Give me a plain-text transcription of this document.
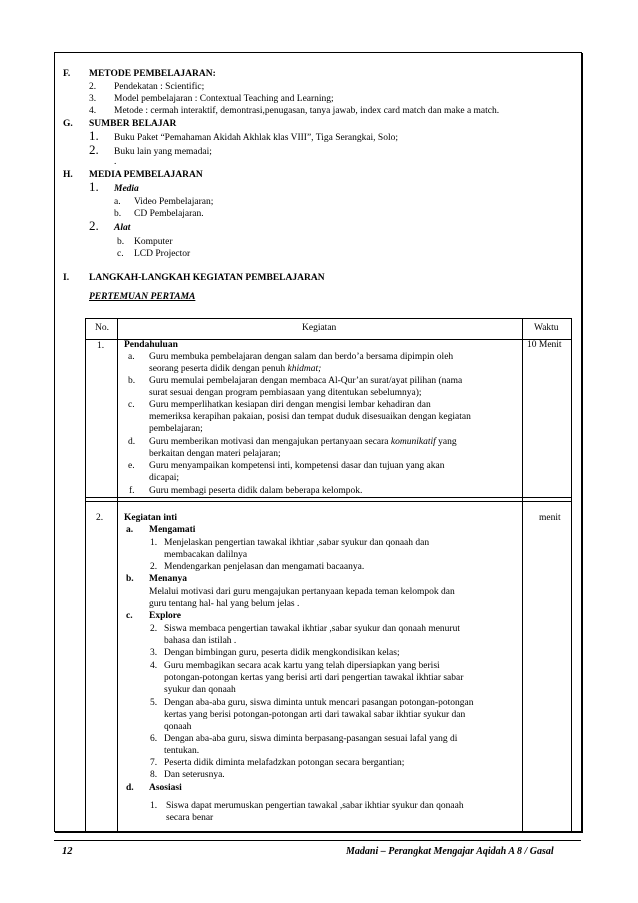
F. METODE PEMBELAJARAN:
2. Pendekatan : Scientific;
3. Model pembelajaran : Contextual Teaching and Learning;
4. Metode : cermah interaktif, demontrasi,penugasan, tanya jawab, index card match dan make a match.
G. SUMBER BELAJAR
1. Buku Paket “Pemahaman Akidah Akhlak klas VIII”, Tiga Serangkai, Solo;
2. Buku lain yang memadai;
.
H. MEDIA PEMBELAJARAN
1. Media
a. Video Pembelajaran;
b. CD Pembelajaran.
2. Alat
b. Komputer
c. LCD Projector
I. LANGKAH-LANGKAH KEGIATAN PEMBELAJARAN
PERTEMUAN PERTAMA
No.	Kegiatan	Waktu
1. Pendahuluan	10 Menit
a. Guru membuka pembelajaran dengan salam dan berdo’a bersama dipimpin oleh
seorang peserta didik dengan penuh khidmat;
b. Guru memulai pembelajaran dengan membaca Al-Qur’an surat/ayat pilihan (nama
surat sesuai dengan program pembiasaan yang ditentukan sebelumnya);
c. Guru memperlihatkan kesiapan diri dengan mengisi lembar kehadiran dan
memeriksa kerapihan pakaian, posisi dan tempat duduk disesuaikan dengan kegiatan
pembelajaran;
d. Guru memberikan motivasi dan mengajukan pertanyaan secara komunikatif yang
berkaitan dengan materi pelajaran;
e. Guru menyampaikan kompetensi inti, kompetensi dasar dan tujuan yang akan
dicapai;
f. Guru membagi peserta didik dalam beberapa kelompok.
2. Kegiatan inti	menit
a. Mengamati
1. Menjelaskan pengertian tawakal ikhtiar ,sabar syukur dan qonaah dan
membacakan dalilnya
2. Mendengarkan penjelasan dan mengamati bacaanya.
b. Menanya
Melalui motivasi dari guru mengajukan pertanyaan kepada teman kelompok dan
guru tentang hal- hal yang belum jelas .
c. Explore
2. Siswa membaca pengertian tawakal ikhtiar ,sabar syukur dan qonaah menurut
bahasa dan istilah .
3. Dengan bimbingan guru, peserta didik mengkondisikan kelas;
4. Guru membagikan secara acak kartu yang telah dipersiapkan yang berisi
potongan-potongan kertas yang berisi arti dari pengertian tawakal ikhtiar sabar
syukur dan qonaah
5. Dengan aba-aba guru, siswa diminta untuk mencari pasangan potongan-potongan
kertas yang berisi potongan-potongan arti dari tawakal sabar ikhtiar syukur dan
qonaah
6. Dengan aba-aba guru, siswa diminta berpasang-pasangan sesuai lafal yang di
tentukan.
7. Peserta didik diminta melafadzkan potongan secara bergantian;
8. Dan seterusnya.
d. Asosiasi
1. Siswa dapat merumuskan pengertian tawakal ,sabar ikhtiar syukur dan qonaah
secara benar
12	Madani – Perangkat Mengajar Aqidah A 8 / Gasal
